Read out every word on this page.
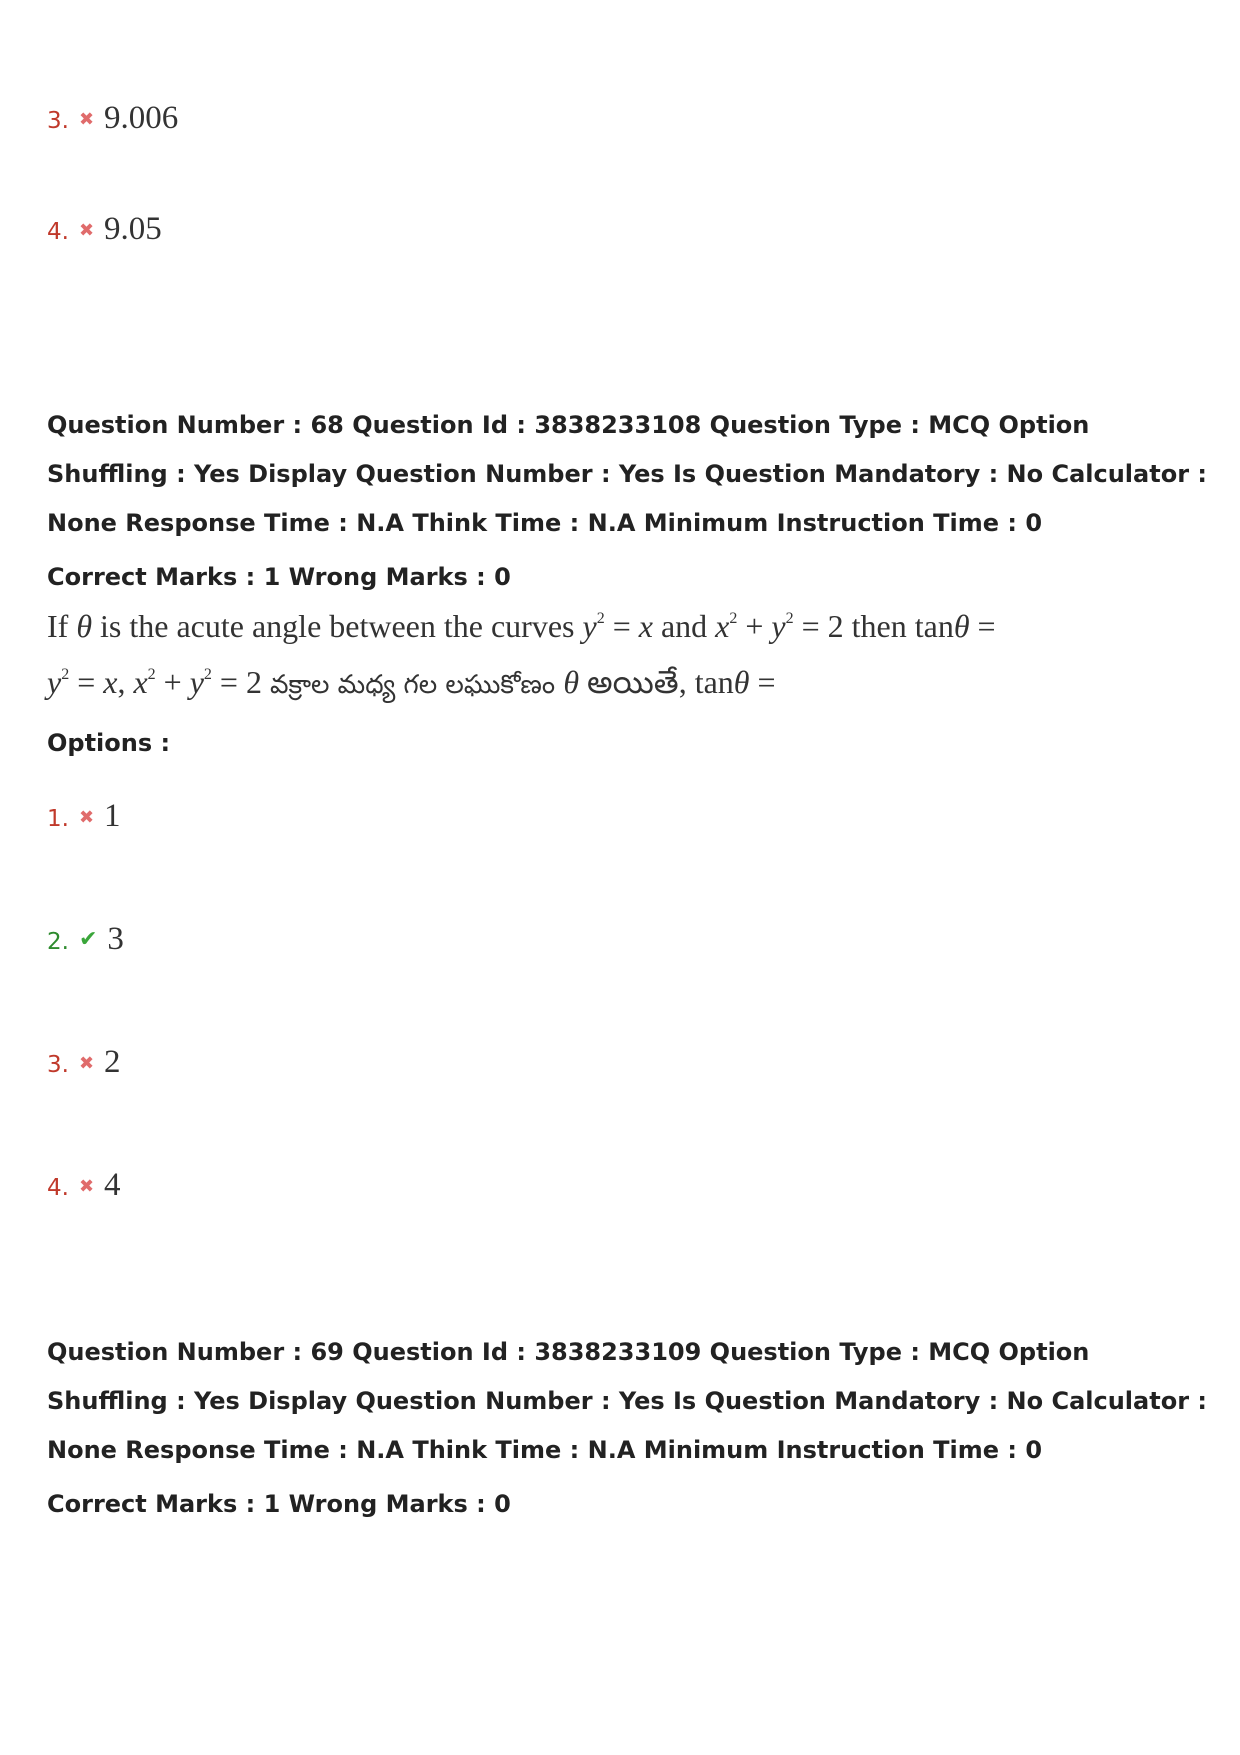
3. ✖ 9.006
4. ✖ 9.05
Question Number : 68 Question Id : 3838233108 Question Type : MCQ Option Shuffling : Yes Display Question Number : Yes Is Question Mandatory : No Calculator : None Response Time : N.A Think Time : N.A Minimum Instruction Time : 0
Correct Marks : 1 Wrong Marks : 0
If θ is the acute angle between the curves $y^2 = x$ and $x^2 + y^2 = 2$ then tanθ =
$y^2 = x$, $x^2 + y^2 = 2$ వక్రాల మధ్య గల లఘుకోణం θ అయితే, tanθ =
Options :
1. ✖ 1
2. ✔ 3
3. ✖ 2
4. ✖ 4
Question Number : 69 Question Id : 3838233109 Question Type : MCQ Option Shuffling : Yes Display Question Number : Yes Is Question Mandatory : No Calculator : None Response Time : N.A Think Time : N.A Minimum Instruction Time : 0
Correct Marks : 1 Wrong Marks : 0
